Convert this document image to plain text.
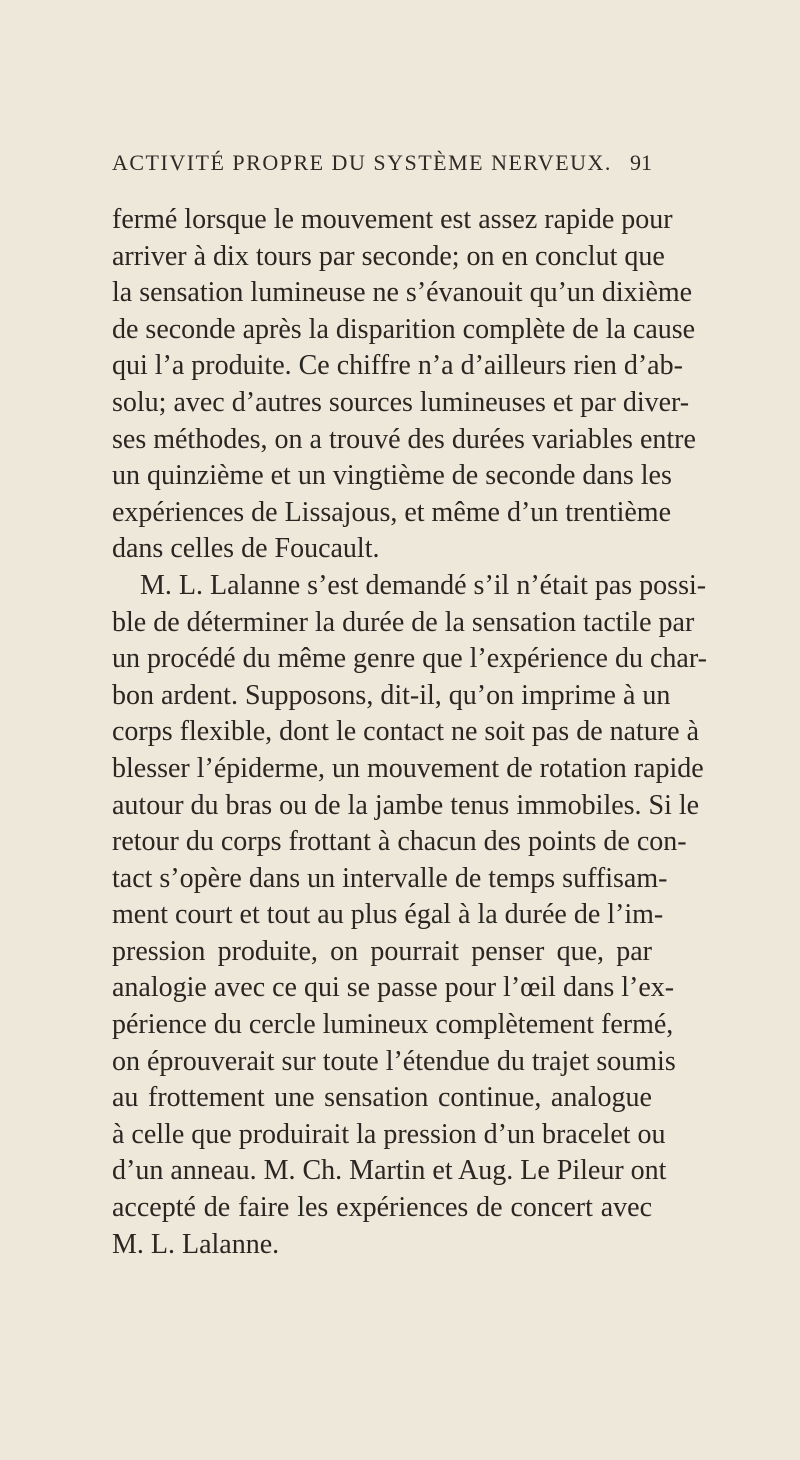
ACTIVITÉ PROPRE DU SYSTÈME NERVEUX. 91
fermé lorsque le mouvement est assez rapide pour
arriver à dix tours par seconde; on en conclut que
la sensation lumineuse ne s’évanouit qu’un dixième
de seconde après la disparition complète de la cause
qui l’a produite. Ce chiffre n’a d’ailleurs rien d’ab-
solu; avec d’autres sources lumineuses et par diver-
ses méthodes, on a trouvé des durées variables entre
un quinzième et un vingtième de seconde dans les
expériences de Lissajous, et même d’un trentième
dans celles de Foucault.
M. L. Lalanne s’est demandé s’il n’était pas possi-
ble de déterminer la durée de la sensation tactile par
un procédé du même genre que l’expérience du char-
bon ardent. Supposons, dit-il, qu’on imprime à un
corps flexible, dont le contact ne soit pas de nature à
blesser l’épiderme, un mouvement de rotation rapide
autour du bras ou de la jambe tenus immobiles. Si le
retour du corps frottant à chacun des points de con-
tact s’opère dans un intervalle de temps suffisam-
ment court et tout au plus égal à la durée de l’im-
pression produite, on pourrait penser que, par
analogie avec ce qui se passe pour l’œil dans l’ex-
périence du cercle lumineux complètement fermé,
on éprouverait sur toute l’étendue du trajet soumis
au frottement une sensation continue, analogue
à celle que produirait la pression d’un bracelet ou
d’un anneau. M. Ch. Martin et Aug. Le Pileur ont
accepté de faire les expériences de concert avec
M. L. Lalanne.
